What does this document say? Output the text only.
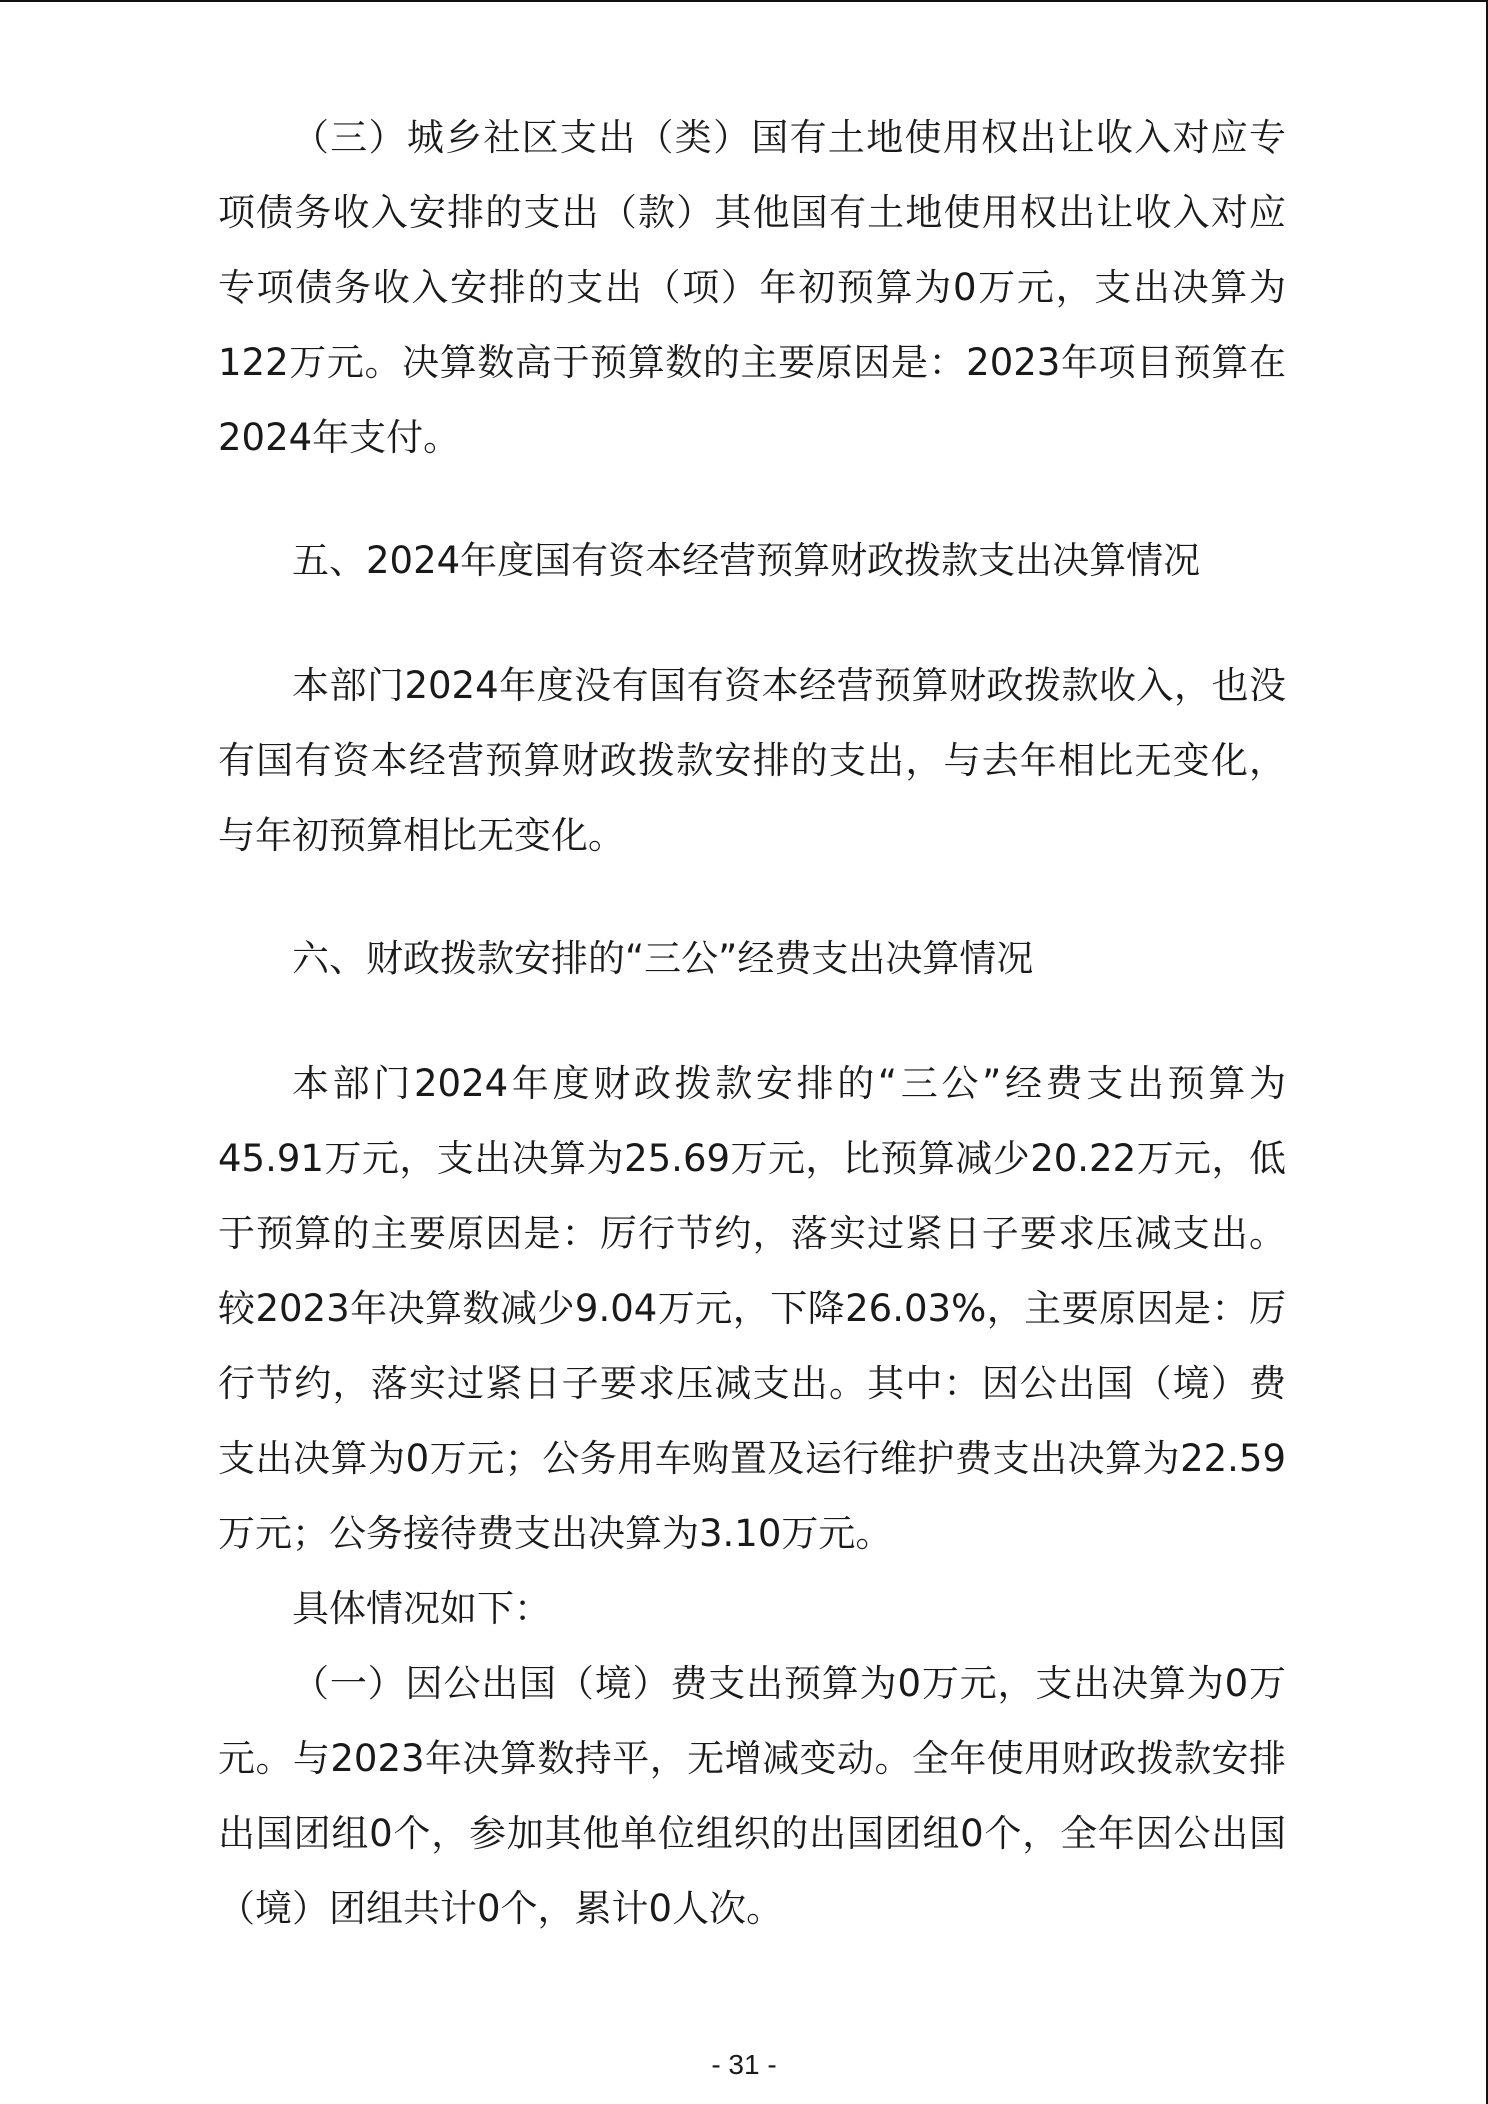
（三）城乡社区支出（类）国有土地使用权出让收入对应专项债务收入安排的支出（款）其他国有土地使用权出让收入对应专项债务收入安排的支出（项）年初预算为0万元，支出决算为122万元。决算数高于预算数的主要原因是：2023年项目预算在2024年支付。

五、2024年度国有资本经营预算财政拨款支出决算情况

本部门2024年度没有国有资本经营预算财政拨款收入，也没有国有资本经营预算财政拨款安排的支出，与去年相比无变化，与年初预算相比无变化。

六、财政拨款安排的“三公”经费支出决算情况

本部门2024年度财政拨款安排的“三公”经费支出预算为45.91万元，支出决算为25.69万元，比预算减少20.22万元，低于预算的主要原因是：厉行节约，落实过紧日子要求压减支出。较2023年决算数减少9.04万元，下降26.03%，主要原因是：厉行节约，落实过紧日子要求压减支出。其中：因公出国（境）费支出决算为0万元；公务用车购置及运行维护费支出决算为22.59万元；公务接待费支出决算为3.10万元。

具体情况如下：

（一）因公出国（境）费支出预算为0万元，支出决算为0万元。与2023年决算数持平，无增减变动。全年使用财政拨款安排出国团组0个，参加其他单位组织的出国团组0个，全年因公出国（境）团组共计0个，累计0人次。

- 31 -
